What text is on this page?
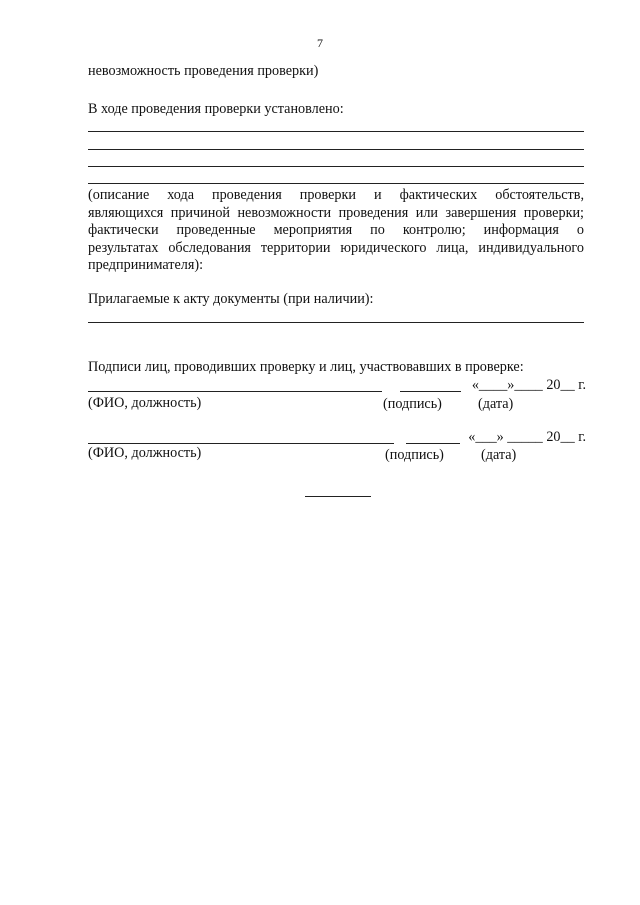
7
невозможность проведения проверки)
В ходе проведения проверки установлено:
(описание хода проведения проверки и фактических обстоятельств,
являющихся причиной невозможности проведения или завершения проверки;
фактически проведенные мероприятия по контролю; информация о
результатах обследования территории юридического лица, индивидуального
предпринимателя):
Прилагаемые к акту документы (при наличии):
Подписи лиц, проводивших проверку и лиц, участвовавших в проверке:
«____»____ 20__ г.
(ФИО, должность)	(подпись)	(дата)
«___» _____ 20__ г.
(ФИО, должность)	(подпись)	(дата)
